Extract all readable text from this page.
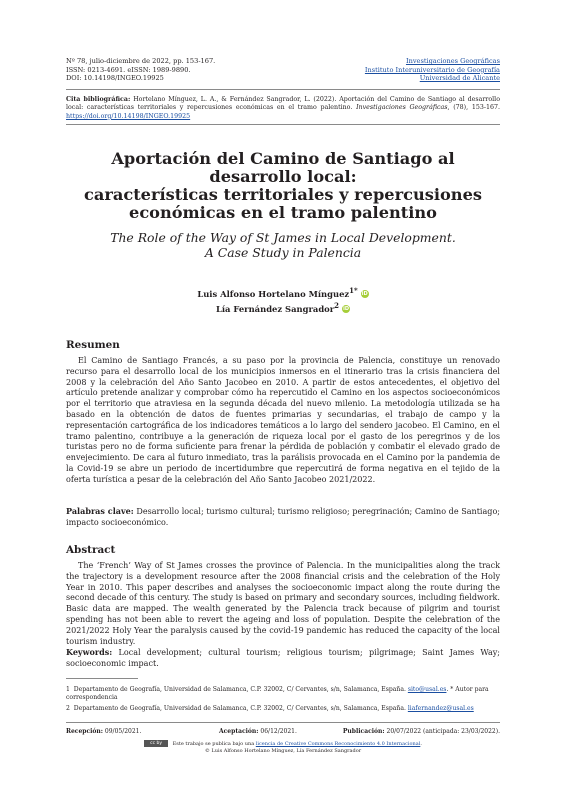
Nº 78, julio-diciembre de 2022, pp. 153-167.
ISSN: 0213-4691. eISSN: 1989-9890.
DOI: 10.14198/INGEO.19925
Investigaciones Geográficas
Instituto Interuniversitario de Geografía
Universidad de Alicante
Cita bibliográfica: Hortelano Mínguez, L. A., & Fernández Sangrador, L. (2022). Aportación del Camino de Santiago al desarrollo local: características territoriales y repercusiones económicas en el tramo palentino. Investigaciones Geográficas, (78), 153-167. https://doi.org/10.14198/INGEO.19925
Aportación del Camino de Santiago al desarrollo local:
características territoriales y repercusiones
económicas en el tramo palentino
The Role of the Way of St James in Local Development.
A Case Study in Palencia
Luis Alfonso Hortelano Mínguez$^{1*}$ iD
Lía Fernández Sangrador$^2$ iD
Resumen
El Camino de Santiago Francés, a su paso por la provincia de Palencia, constituye un renovado recurso para el desarrollo local de los municipios inmersos en el itinerario tras la crisis financiera del 2008 y la celebración del Año Santo Jacobeo en 2010. A partir de estos antecedentes, el objetivo del artículo pretende analizar y comprobar cómo ha repercutido el Camino en los aspectos socioeconómicos por el territorio que atraviesa en la segunda década del nuevo milenio. La metodología utilizada se ha basado en la obtención de datos de fuentes primarias y secundarias, el trabajo de campo y la representación cartográfica de los indicadores temáticos a lo largo del sendero jacobeo. El Camino, en el tramo palentino, contribuye a la generación de riqueza local por el gasto de los peregrinos y de los turistas pero no de forma suficiente para frenar la pérdida de población y combatir el elevado grado de envejecimiento. De cara al futuro inmediato, tras la parálisis provocada en el Camino por la pandemia de la Covid-19 se abre un periodo de incertidumbre que repercutirá de forma negativa en el tejido de la oferta turística a pesar de la celebración del Año Santo Jacobeo 2021/2022.
Palabras clave: Desarrollo local; turismo cultural; turismo religioso; peregrinación; Camino de Santiago; impacto socioeconómico.
Abstract
The ‘French’ Way of St James crosses the province of Palencia. In the municipalities along the track the trajectory is a development resource after the 2008 financial crisis and the celebration of the Holy Year in 2010. This paper describes and analyses the socioeconomic impact along the route during the second decade of this century. The study is based on primary and secondary sources, including fieldwork. Basic data are mapped. The wealth generated by the Palencia track because of pilgrim and tourist spending has not been able to revert the ageing and loss of population. Despite the celebration of the 2021/2022 Holy Year the paralysis caused by the covid-19 pandemic has reduced the capacity of the local tourism industry.
Keywords: Local development; cultural tourism; religious tourism; pilgrimage; Saint James Way; socioeconomic impact.
1 Departamento de Geografía, Universidad de Salamanca, C.P. 32002, C/ Cervantes, s/n, Salamanca, España. sito@usal.es. * Autor para correspondencia
2 Departamento de Geografía, Universidad de Salamanca, C.P. 32002, C/ Cervantes, s/n, Salamanca, España. liafernandez@usal.es
Recepción: 09/05/2021.	Aceptación: 06/12/2021.	Publicación: 20/07/2022 (anticipada: 23/03/2022).
cc by Este trabajo se publica bajo una licencia de Creative Commons Reconocimiento 4.0 Internacional.
© Luis Alfonso Hortelano Mínguez, Lía Fernández Sangrador
